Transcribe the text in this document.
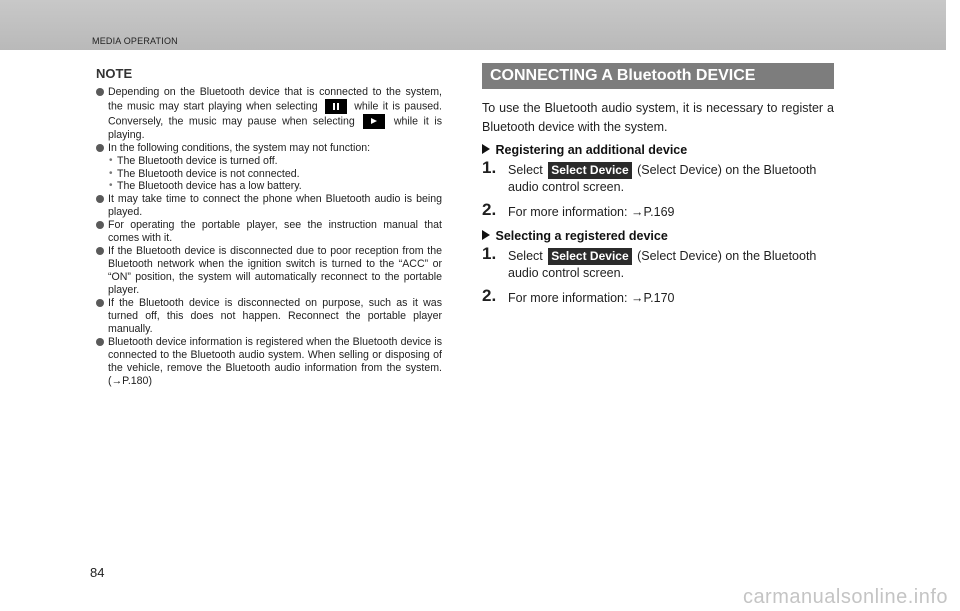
MEDIA OPERATION
NOTE
Depending on the Bluetooth device that is connected to the system, the music may start playing when selecting	while it is paused. Conversely, the music may pause when selecting	while it is playing.
In the following conditions, the system may not function:
• The Bluetooth device is turned off.
• The Bluetooth device is not connected.
• The Bluetooth device has a low battery.
It may take time to connect the phone when Bluetooth audio is being played.
For operating the portable player, see the instruction manual that comes with it.
If the Bluetooth device is disconnected due to poor reception from the Bluetooth network when the ignition switch is turned to the “ACC” or “ON” position, the system will automatically reconnect to the portable player.
If the Bluetooth device is disconnected on purpose, such as it was turned off, this does not happen. Reconnect the portable player manually.
Bluetooth device information is registered when the Bluetooth device is connected to the Bluetooth audio system. When selling or disposing of the vehicle, remove the Bluetooth audio information from the system. (→P.180)
CONNECTING A Bluetooth DEVICE
To use the Bluetooth audio system, it is necessary to register a Bluetooth device with the system.
Registering an additional device
1. Select Select Device (Select Device) on the Bluetooth audio control screen.
2. For more information: →P.169
Selecting a registered device
1. Select Select Device (Select Device) on the Bluetooth audio control screen.
2. For more information: →P.170
84
carmanualsonline.info
